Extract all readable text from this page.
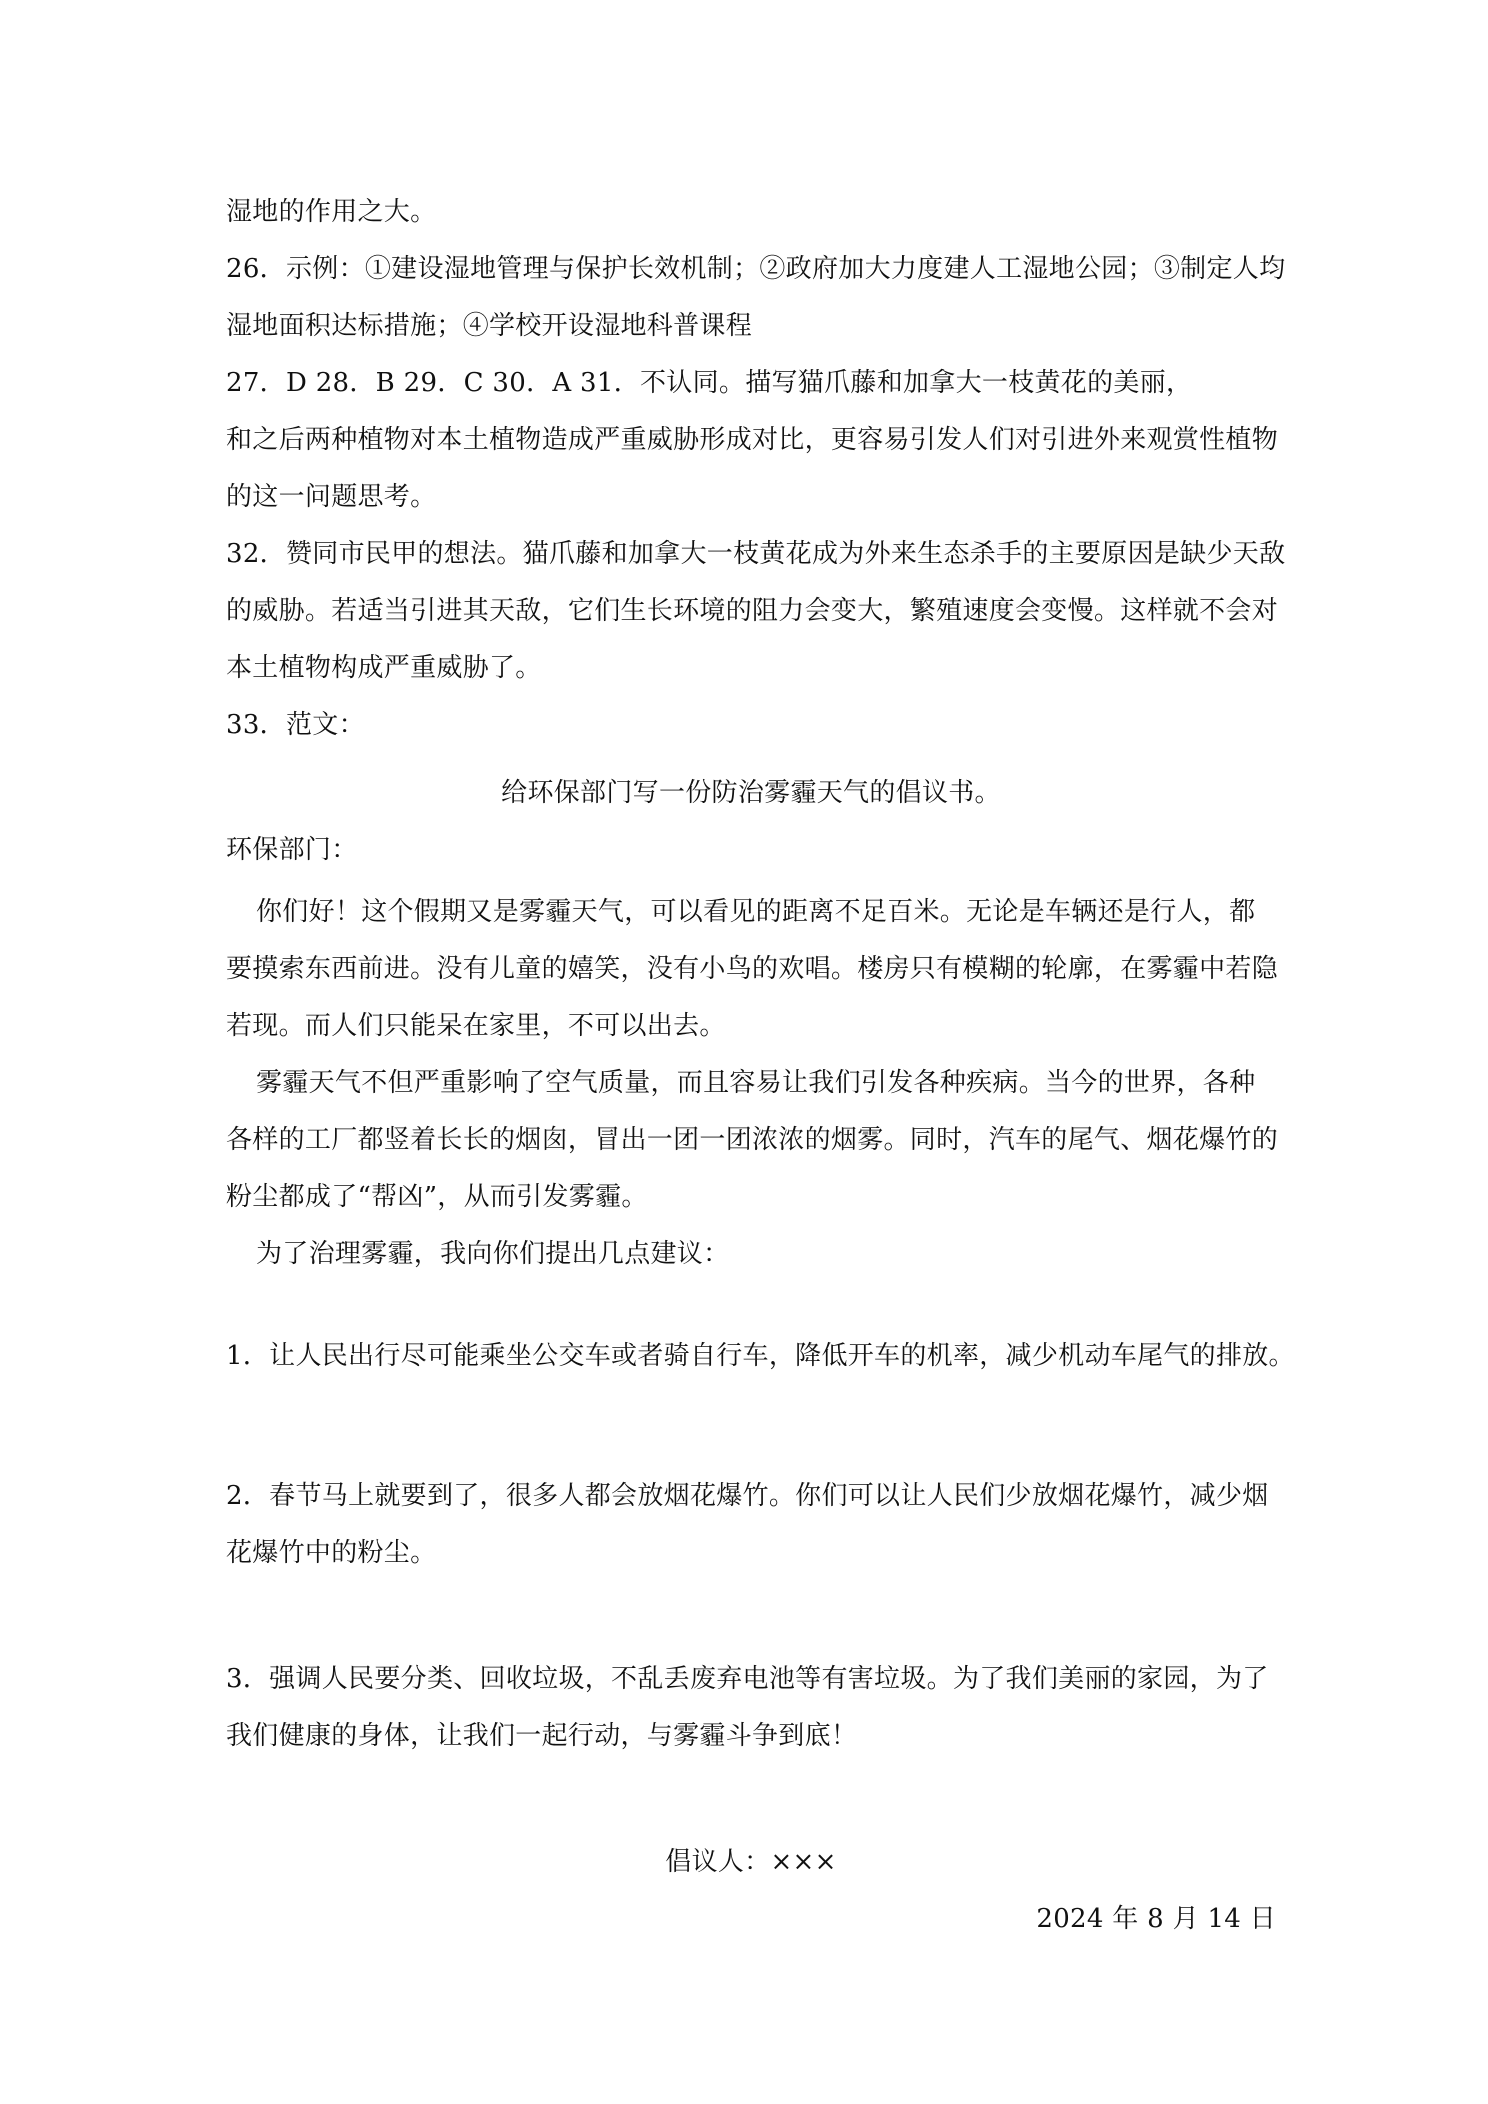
湿地的作用之大。
26．示例：①建设湿地管理与保护长效机制；②政府加大力度建人工湿地公园；③制定人均
湿地面积达标措施；④学校开设湿地科普课程
27．D 28．B 29．C 30．A 31．不认同。描写猫爪藤和加拿大一枝黄花的美丽，
和之后两种植物对本土植物造成严重威胁形成对比，更容易引发人们对引进外来观赏性植物
的这一问题思考。
32．赞同市民甲的想法。猫爪藤和加拿大一枝黄花成为外来生态杀手的主要原因是缺少天敌
的威胁。若适当引进其天敌，它们生长环境的阻力会变大，繁殖速度会变慢。这样就不会对
本土植物构成严重威胁了。
33．范文：
给环保部门写一份防治雾霾天气的倡议书。
环保部门：
你们好！这个假期又是雾霾天气，可以看见的距离不足百米。无论是车辆还是行人，都
要摸索东西前进。没有儿童的嬉笑，没有小鸟的欢唱。楼房只有模糊的轮廓，在雾霾中若隐
若现。而人们只能呆在家里，不可以出去。
雾霾天气不但严重影响了空气质量，而且容易让我们引发各种疾病。当今的世界，各种
各样的工厂都竖着长长的烟囱，冒出一团一团浓浓的烟雾。同时，汽车的尾气、烟花爆竹的
粉尘都成了“帮凶”，从而引发雾霾。
为了治理雾霾，我向你们提出几点建议：
1．让人民出行尽可能乘坐公交车或者骑自行车，降低开车的机率，减少机动车尾气的排放。
2．春节马上就要到了，很多人都会放烟花爆竹。你们可以让人民们少放烟花爆竹，减少烟
花爆竹中的粉尘。
3．强调人民要分类、回收垃圾，不乱丢废弃电池等有害垃圾。为了我们美丽的家园，为了
我们健康的身体，让我们一起行动，与雾霾斗争到底！
倡议人：×××
2024 年 8 月 14 日
